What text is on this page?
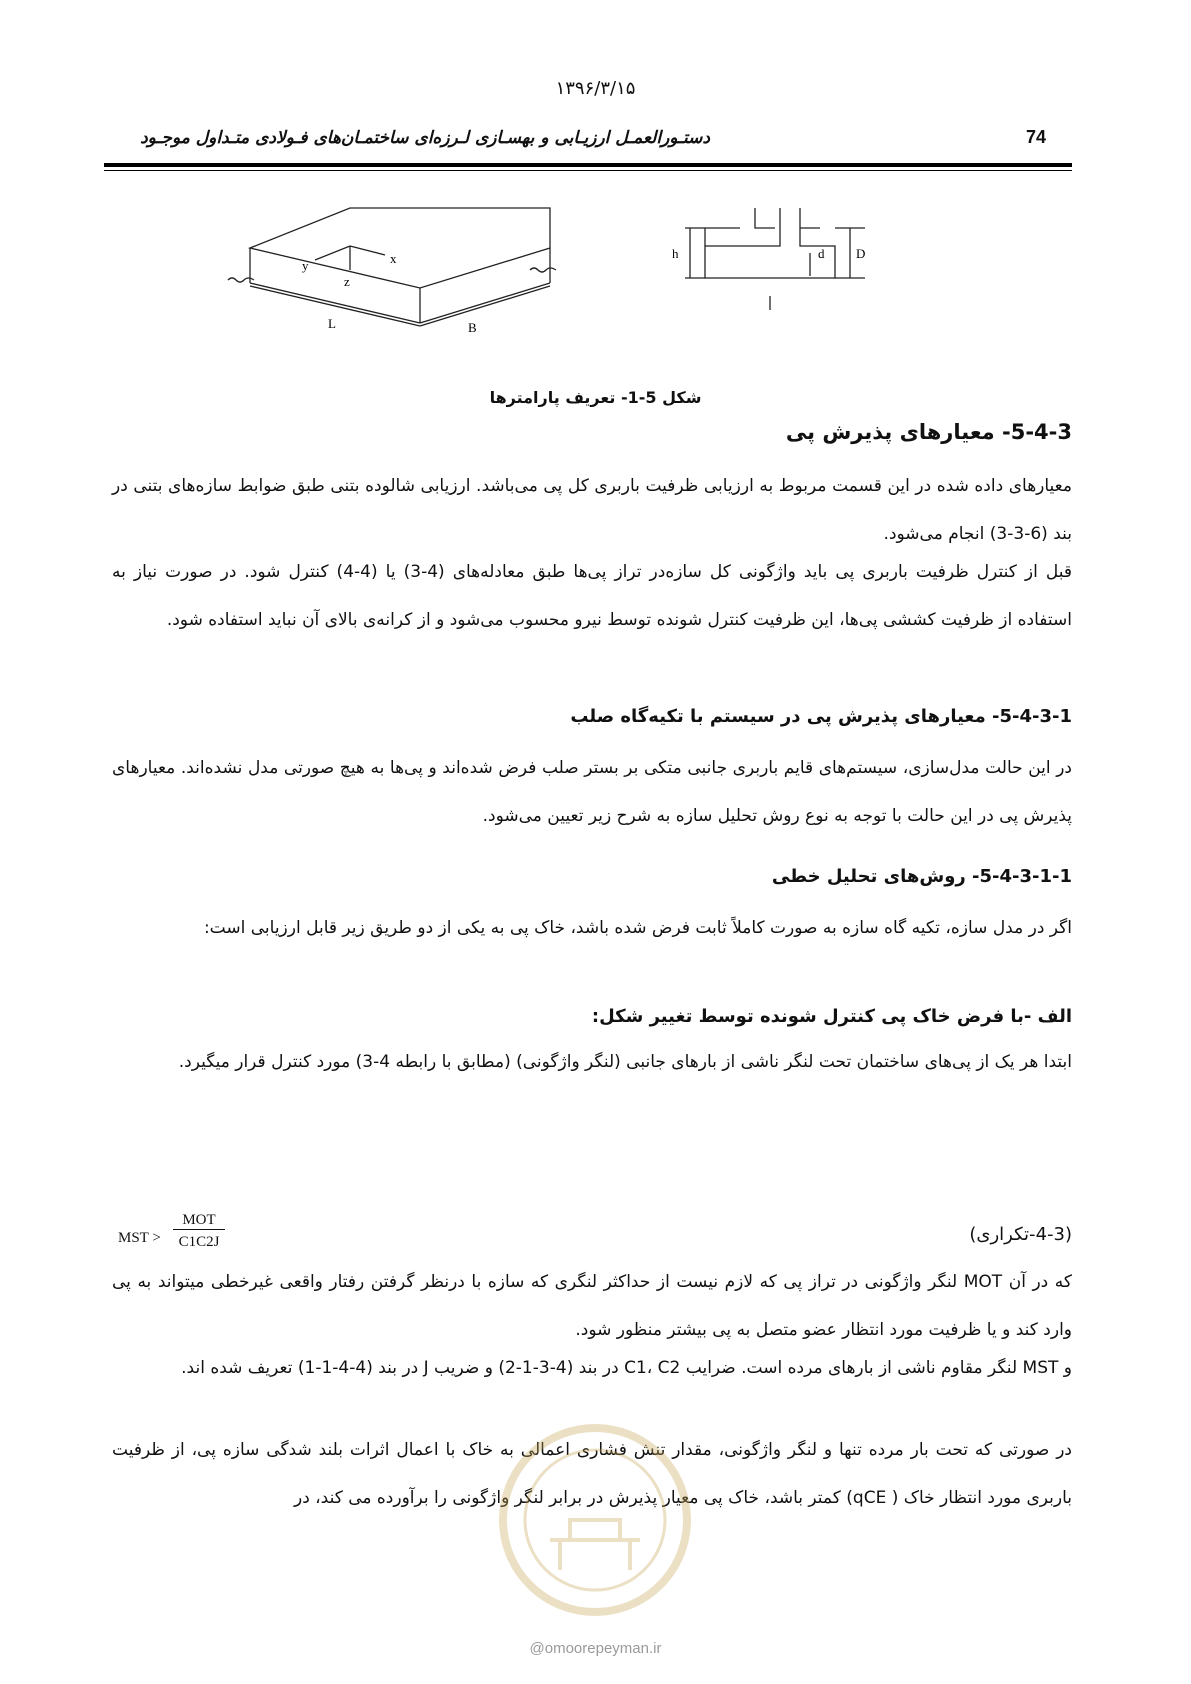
۱۳۹۶/۳/۱۵
دستـورالعمـل ارزیـابی و بهسـازی لـرزه‌ای ساختمـان‌های فـولادی متـداول موجـود	74
x
y
z
L	B
h	d D
شکل 5-1- تعریف پارامترها
5-4-3- معیارهای پذیرش پی
معیارهای داده شده در این قسمت مربوط به ارزیابی ظرفیت باربری کل پی می‌باشد. ارزیابی شالوده بتنی طبق ضوابط سازه‌های بتنی در بند (6-3-3) انجام می‌شود.
قبل از کنترل ظرفیت باربری پی باید واژگونی کل سازه‌در تراز پی‌ها طبق معادله‌های (4-3) یا (4-4) کنترل شود. در صورت نیاز به استفاده از ظرفیت کششی پی‌ها، این ظرفیت کنترل شونده توسط نیرو محسوب می‌شود و از کرانه‌ی بالای آن نباید استفاده شود.
5-4-3-1- معیارهای پذیرش پی در سیستم با تکیه‌گاه صلب
در این حالت مدل‌سازی، سیستم‌های قایم باربری جانبی متکی بر بستر صلب فرض شده‌اند و پی‌ها به هیچ صورتی مدل نشده‌اند. معیارهای پذیرش پی در این حالت با توجه به نوع روش تحلیل سازه به شرح زیر تعیین می‌شود.
5-4-3-1-1- روش‌های تحلیل خطی
اگر در مدل سازه، تکیه گاه سازه به صورت کاملاً ثابت فرض شده باشد، خاک پی به یکی از دو طریق زیر قابل ارزیابی است:
الف -با فرض خاک پی کنترل شونده توسط تغییر شکل:
ابتدا هر یک از پی‌های ساختمان تحت لنگر ناشی از بارهای جانبی (لنگر واژگونی) (مطابق با رابطه 4-3) مورد کنترل قرار میگیرد.
MST >
MOT
C1C2J	(4-3-تکراری)
که در آن MOT لنگر واژگونی در تراز پی که لازم نیست از حداکثر لنگری که سازه با درنظر گرفتن رفتار واقعی غیرخطی میتواند به پی وارد کند و یا ظرفیت مورد انتظار عضو متصل به پی بیشتر منظور شود.
و MST لنگر مقاوم ناشی از بارهای مرده است. ضرایب C1، C2 در بند (4-3-1-2) و ضریب J در بند (4-4-1-1) تعریف شده اند.
در صورتی که تحت بار مرده تنها و لنگر واژگونی، مقدار تنش فشاری اعمالی به خاک با اعمال اثرات بلند شدگی سازه پی، از ظرفیت باربری مورد انتظار خاک ( qCE) کمتر باشد، خاک پی معیار پذیرش در برابر لنگر واژگونی را برآورده می کند، در
@omoorepeyman.ir
